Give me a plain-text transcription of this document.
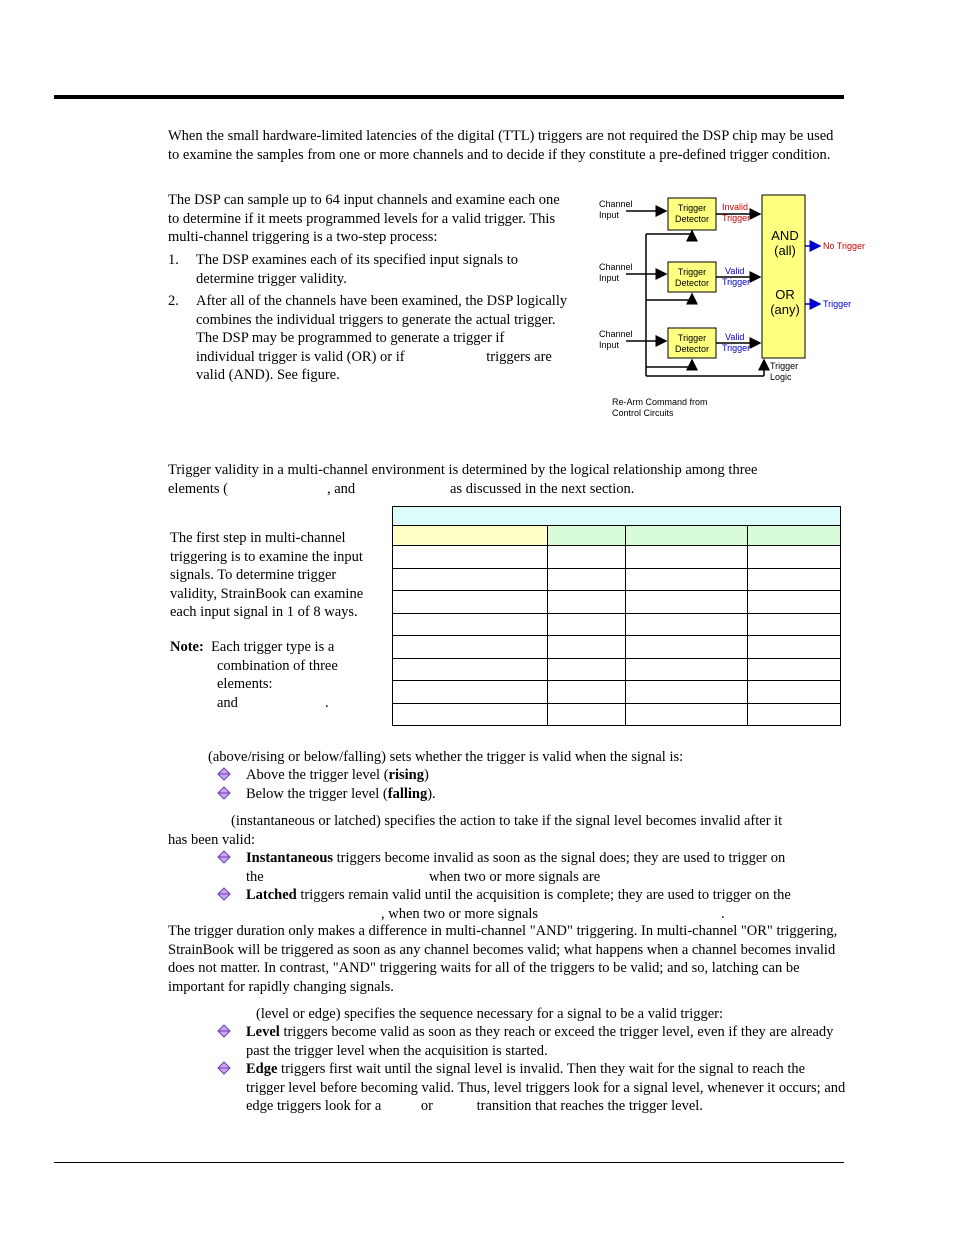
When the small hardware-limited latencies of the digital (TTL) triggers are not required the DSP chip may be used to examine the samples from one or more channels and to decide if they constitute a pre-defined trigger condition.

The DSP can sample up to 64 input channels and examine each one to determine if it meets programmed levels for a valid trigger. This multi-channel triggering is a two-step process:

1. The DSP examines each of its specified input signals to determine trigger validity.
2. After all of the channels have been examined, the DSP logically combines the individual triggers to generate the actual trigger. The DSP may be programmed to generate a trigger if individual trigger is valid (OR) or if	triggers are valid (AND). See figure.
Channel Input
Channel Input
Channel Input
Trigger Detector
Trigger Detector
Trigger Detector
Invalid Trigger
Valid Trigger
Valid Trigger
Re-Arm Command from Control Circuits
AND (all)
OR (any)
Trigger Logic
No Trigger
Trigger
Trigger validity in a multi-channel environment is determined by the logical relationship among three
elements (	, and	as discussed in the next section.

The first step in multi-channel triggering is to examine the input signals. To determine trigger validity, StrainBook can examine each input signal in 1 of 8 ways.

Note: Each trigger type is a
combination of three
elements:
and	.

(above/rising or below/falling) sets whether the trigger is valid when the signal is:
Above the trigger level (rising)
Below the trigger level (falling).
(instantaneous or latched) specifies the action to take if the signal level becomes invalid after it
has been valid:
Instantaneous triggers become invalid as soon as the signal does; they are used to trigger on
the	when two or more signals are
Latched triggers remain valid until the acquisition is complete; they are used to trigger on the
, when two or more signals	.

The trigger duration only makes a difference in multi-channel "AND" triggering. In multi-channel "OR" triggering, StrainBook will be triggered as soon as any channel becomes valid; what happens when a channel becomes invalid does not matter. In contrast, "AND" triggering waits for all of the triggers to be valid; and so, latching can be important for rapidly changing signals.

(level or edge) specifies the sequence necessary for a signal to be a valid trigger:
Level triggers become valid as soon as they reach or exceed the trigger level, even if they are already past the trigger level when the acquisition is started.
Edge triggers first wait until the signal level is invalid. Then they wait for the signal to reach the trigger level before becoming valid. Thus, level triggers look for a signal level, whenever it occurs; and edge triggers look for a	or	transition that reaches the trigger level.
